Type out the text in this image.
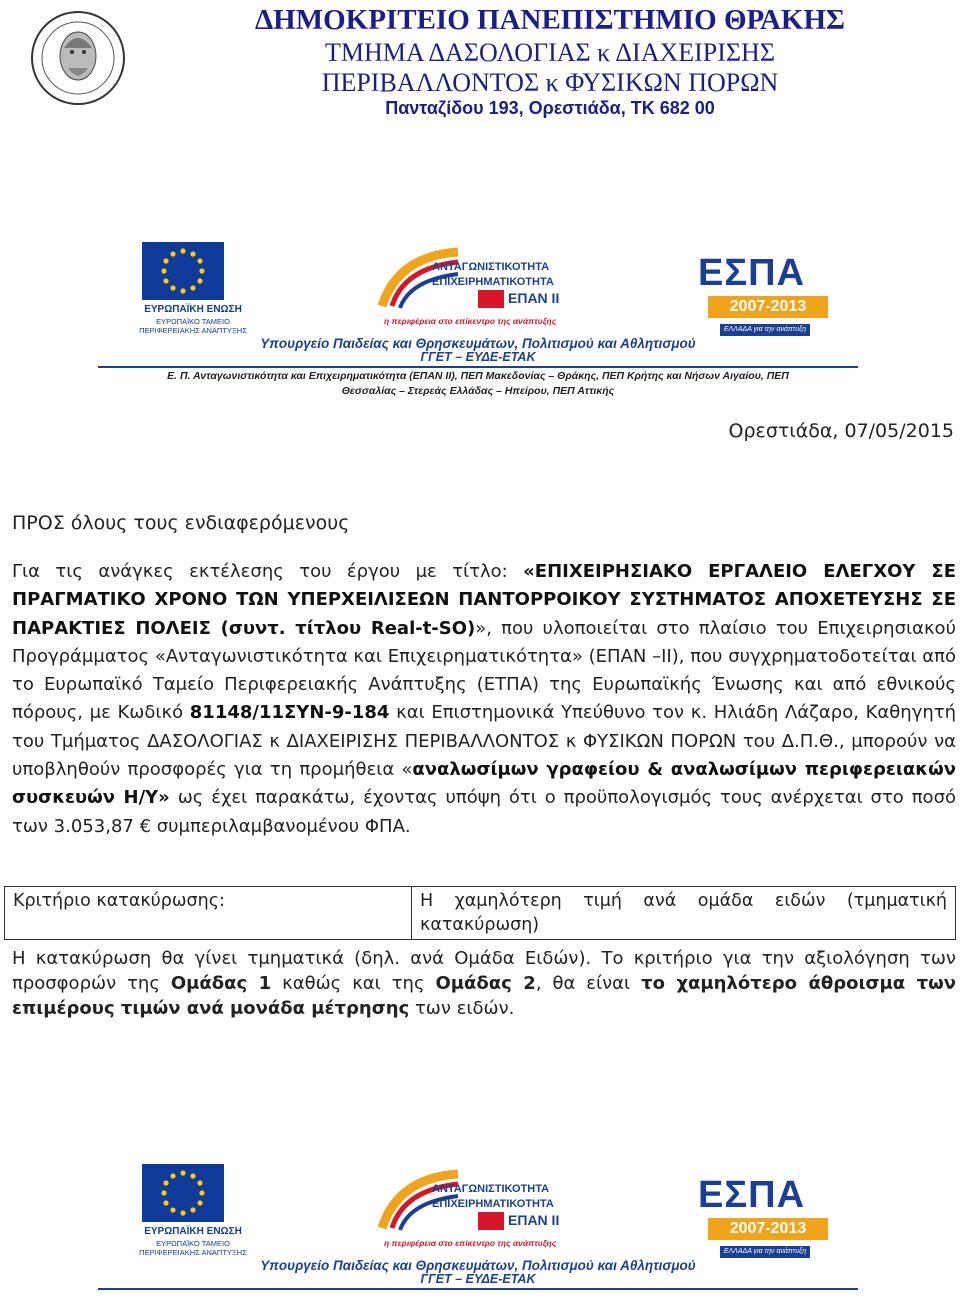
ΔΗΜΟΚΡΙΤΕΙΟ ΠΑΝΕΠΙΣΤΗΜΙΟ ΘΡΑΚΗΣ
ΤΜΗΜΑ ΔΑΣΟΛΟΓΙΑΣ κ ΔΙΑΧΕΙΡΙΣΗΣ
ΠΕΡΙΒΑΛΛΟΝΤΟΣ κ ΦΥΣΙΚΩΝ ΠΟΡΩΝ
Πανταζίδου 193, Ορεστιάδα, ΤΚ 682 00
ΕΥΡΩΠΑΪΚΗ ΕΝΩΣΗ
ΕΥΡΩΠΑΪΚΟ ΤΑΜΕΙΟ
ΠΕΡΙΦΕΡΕΙΑΚΗΣ ΑΝΑΠΤΥΞΗΣ
ΑΝΤΑΓΩΝΙΣΤΙΚΟΤΗΤΑ
ΕΠΙΧΕΙΡΗΜΑΤΙΚΟΤΗΤΑ
ΕΠΑΝ II
η περιφέρεια στο επίκεντρο της ανάπτυξης
ΕΣΠΑ
2007-2013
ΕΛΛΑΔΑ για την ανάπτυξη
Υπουργείο Παιδείας και Θρησκευμάτων, Πολιτισμού και Αθλητισμού
ΓΓΕΤ – ΕΥΔΕ-ΕΤΑΚ
Ε. Π. Ανταγωνιστικότητα και Επιχειρηματικότητα (ΕΠΑΝ ΙΙ), ΠΕΠ Μακεδονίας – Θράκης, ΠΕΠ Κρήτης και Νήσων Αιγαίου, ΠΕΠ
Θεσσαλίας – Στερεάς Ελλάδας – Ηπείρου, ΠΕΠ Αττικής
Ορεστιάδα, 07/05/2015
ΠΡΟΣ όλους τους ενδιαφερόμενους

Για τις ανάγκες εκτέλεσης του έργου με τίτλο: «ΕΠΙΧΕΙΡΗΣΙΑΚΟ ΕΡΓΑΛΕΙΟ ΕΛΕΓΧΟΥ ΣΕ ΠΡΑΓΜΑΤΙΚΟ ΧΡΟΝΟ ΤΩΝ ΥΠΕΡΧΕΙΛΙΣΕΩΝ ΠΑΝΤΟΡΡΟΙΚΟΥ ΣΥΣΤΗΜΑΤΟΣ ΑΠΟΧΕΤΕΥΣΗΣ ΣΕ ΠΑΡΑΚΤΙΕΣ ΠΟΛΕΙΣ (συντ. τίτλου Real-t-SO)», που υλοποιείται στο πλαίσιο του Επιχειρησιακού Προγράμματος «Ανταγωνιστικότητα και Επιχειρηματικότητα» (ΕΠΑΝ –ΙΙ), που συγχρηματοδοτείται από το Ευρωπαϊκό Ταμείο Περιφερειακής Ανάπτυξης (ΕΤΠΑ) της Ευρωπαϊκής Ένωσης και από εθνικούς πόρους, με Κωδικό 81148/11ΣΥΝ-9-184 και Επιστημονικά Υπεύθυνο τον κ. Ηλιάδη Λάζαρο, Καθηγητή του Τμήματος ΔΑΣΟΛΟΓΙΑΣ κ ΔΙΑΧΕΙΡΙΣΗΣ ΠΕΡΙΒΑΛΛΟΝΤΟΣ κ ΦΥΣΙΚΩΝ ΠΟΡΩΝ του Δ.Π.Θ., μπορούν να υποβληθούν προσφορές για τη προμήθεια «αναλωσίμων γραφείου & αναλωσίμων περιφερειακών συσκευών Η/Υ» ως έχει παρακάτω, έχοντας υπόψη ότι ο προϋπολογισμός τους ανέρχεται στο ποσό των 3.053,87 € συμπεριλαμβανομένου ΦΠΑ.

Κριτήριο κατακύρωσης:	Η χαμηλότερη τιμή ανά ομάδα ειδών (τμηματική κατακύρωση)

Η κατακύρωση θα γίνει τμηματικά (δηλ. ανά Ομάδα Ειδών). Το κριτήριο για την αξιολόγηση των προσφορών της Ομάδας 1 καθώς και της Ομάδας 2, θα είναι το χαμηλότερο άθροισμα των επιμέρους τιμών ανά μονάδα μέτρησης των ειδών.

ΕΥΡΩΠΑΪΚΗ ΕΝΩΣΗ
ΕΥΡΩΠΑΪΚΟ ΤΑΜΕΙΟ
ΠΕΡΙΦΕΡΕΙΑΚΗΣ ΑΝΑΠΤΥΞΗΣ
ΑΝΤΑΓΩΝΙΣΤΙΚΟΤΗΤΑ
ΕΠΙΧΕΙΡΗΜΑΤΙΚΟΤΗΤΑ
ΕΠΑΝ II
η περιφέρεια στο επίκεντρο της ανάπτυξης
ΕΣΠΑ
2007-2013
ΕΛΛΑΔΑ για την ανάπτυξη
Υπουργείο Παιδείας και Θρησκευμάτων, Πολιτισμού και Αθλητισμού
ΓΓΕΤ – ΕΥΔΕ-ΕΤΑΚ
